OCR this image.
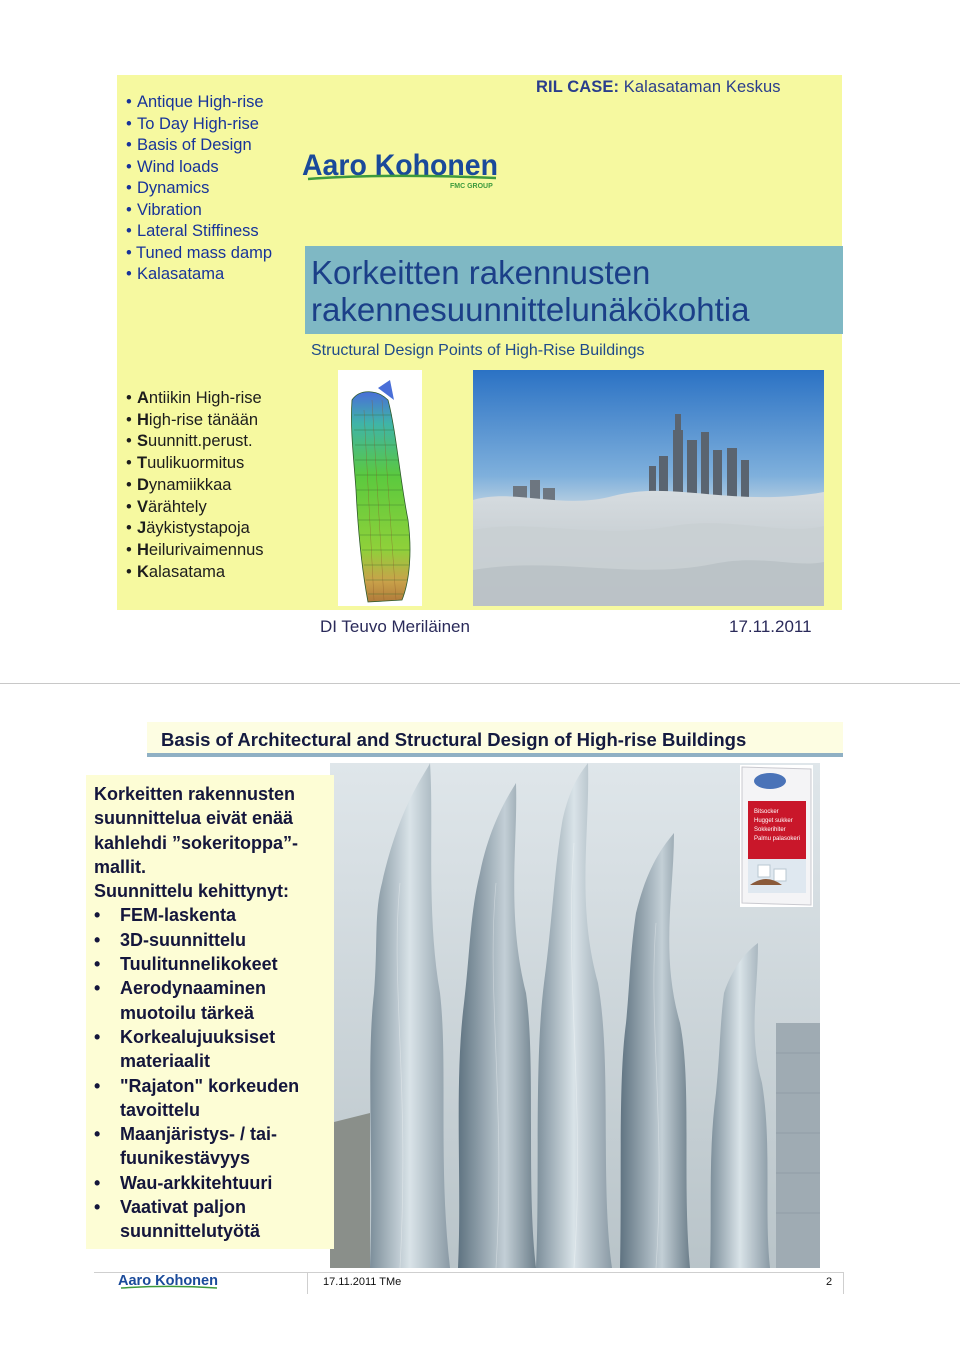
• Antique High-rise
• To Day High-rise
• Basis of Design
• Wind loads
• Dynamics
• Vibration
• Lateral Stiffiness
• Tuned mass damp
• Kalasatama
RIL CASE: Kalasataman Keskus
Aaro Kohonen
FMC GROUP
Korkeitten rakennusten
rakennesuunnittelunäkökohtia
Structural Design Points of High-Rise Buildings
• Antiikin High-rise
• High-rise tänään
• Suunnitt.perust.
• Tuulikuormitus
• Dynamiikkaa
• Värähtely
• Jäykistystapoja
• Heilurivaimennus
• Kalasatama
DI Teuvo Meriläinen	17.11.2011
Basis of Architectural and Structural Design of High-rise Buildings
Bitsocker
Hugget sukker
Sokkerihiter
Palmu palasokeri
Korkeitten rakennusten suunnittelua eivät enää kahlehdi ”sokeritoppa”-mallit.
Suunnittelu kehittynyt:
• FEM-laskenta
• 3D-suunnittelu
• Tuulitunnelikokeet
• Aerodynaaminen muotoilu tärkeä
• Korkealujuuksiset materiaalit
• "Rajaton" korkeuden tavoittelu
• Maanjäristys- / tai-fuunikestävyys
• Wau-arkkitehtuuri
• Vaativat paljon suunnittelutyötä
Aaro Kohonen	17.11.2011 TMe	2
